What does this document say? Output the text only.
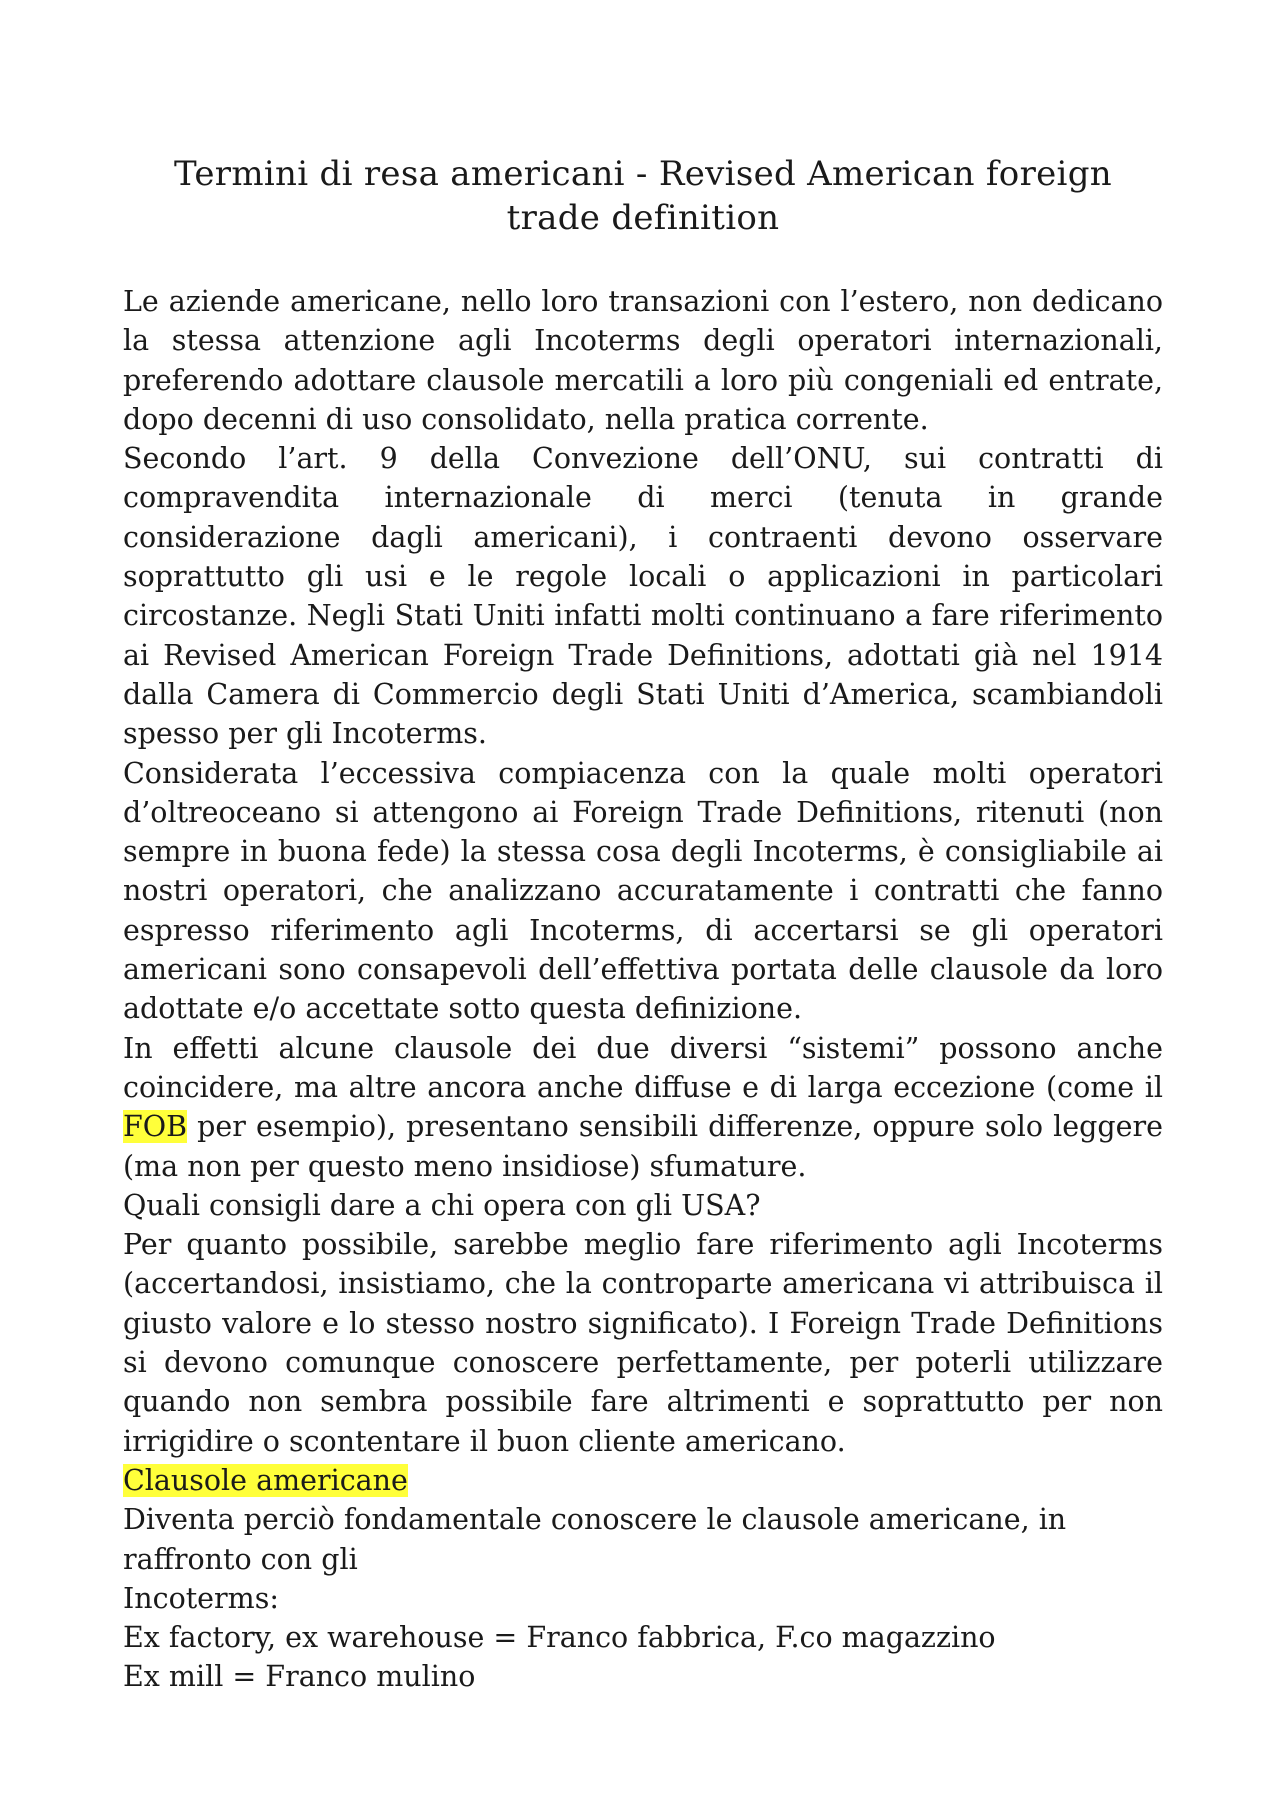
Termini di resa americani - Revised American foreign trade definition

Le aziende americane, nello loro transazioni con l’estero, non dedicano la stessa attenzione agli Incoterms degli operatori internazionali, preferendo adottare clausole mercatili a loro più congeniali ed entrate, dopo decenni di uso consolidato, nella pratica corrente.

Secondo l’art. 9 della Convezione dell’ONU, sui contratti di compravendita internazionale di merci (tenuta in grande considerazione dagli americani), i contraenti devono osservare soprattutto gli usi e le regole locali o applicazioni in particolari circostanze. Negli Stati Uniti infatti molti continuano a fare riferimento ai Revised American Foreign Trade Definitions, adottati già nel 1914 dalla Camera di Commercio degli Stati Uniti d’America, scambiandoli spesso per gli Incoterms.

Considerata l’eccessiva compiacenza con la quale molti operatori d’oltreoceano si attengono ai Foreign Trade Definitions, ritenuti (non sempre in buona fede) la stessa cosa degli Incoterms, è consigliabile ai nostri operatori, che analizzano accuratamente i contratti che fanno espresso riferimento agli Incoterms, di accertarsi se gli operatori americani sono consapevoli dell’effettiva portata delle clausole da loro adottate e/o accettate sotto questa definizione.

In effetti alcune clausole dei due diversi “sistemi” possono anche coincidere, ma altre ancora anche diffuse e di larga eccezione (come il FOB per esempio), presentano sensibili differenze, oppure solo leggere (ma non per questo meno insidiose) sfumature.

Quali consigli dare a chi opera con gli USA?

Per quanto possibile, sarebbe meglio fare riferimento agli Incoterms (accertandosi, insistiamo, che la controparte americana vi attribuisca il giusto valore e lo stesso nostro significato). I Foreign Trade Definitions si devono comunque conoscere perfettamente, per poterli utilizzare quando non sembra possibile fare altrimenti e soprattutto per non irrigidire o scontentare il buon cliente americano.

Clausole americane

Diventa perciò fondamentale conoscere le clausole americane, in

raffronto con gli

Incoterms:

Ex factory, ex warehouse = Franco fabbrica, F.co magazzino

Ex mill = Franco mulino
